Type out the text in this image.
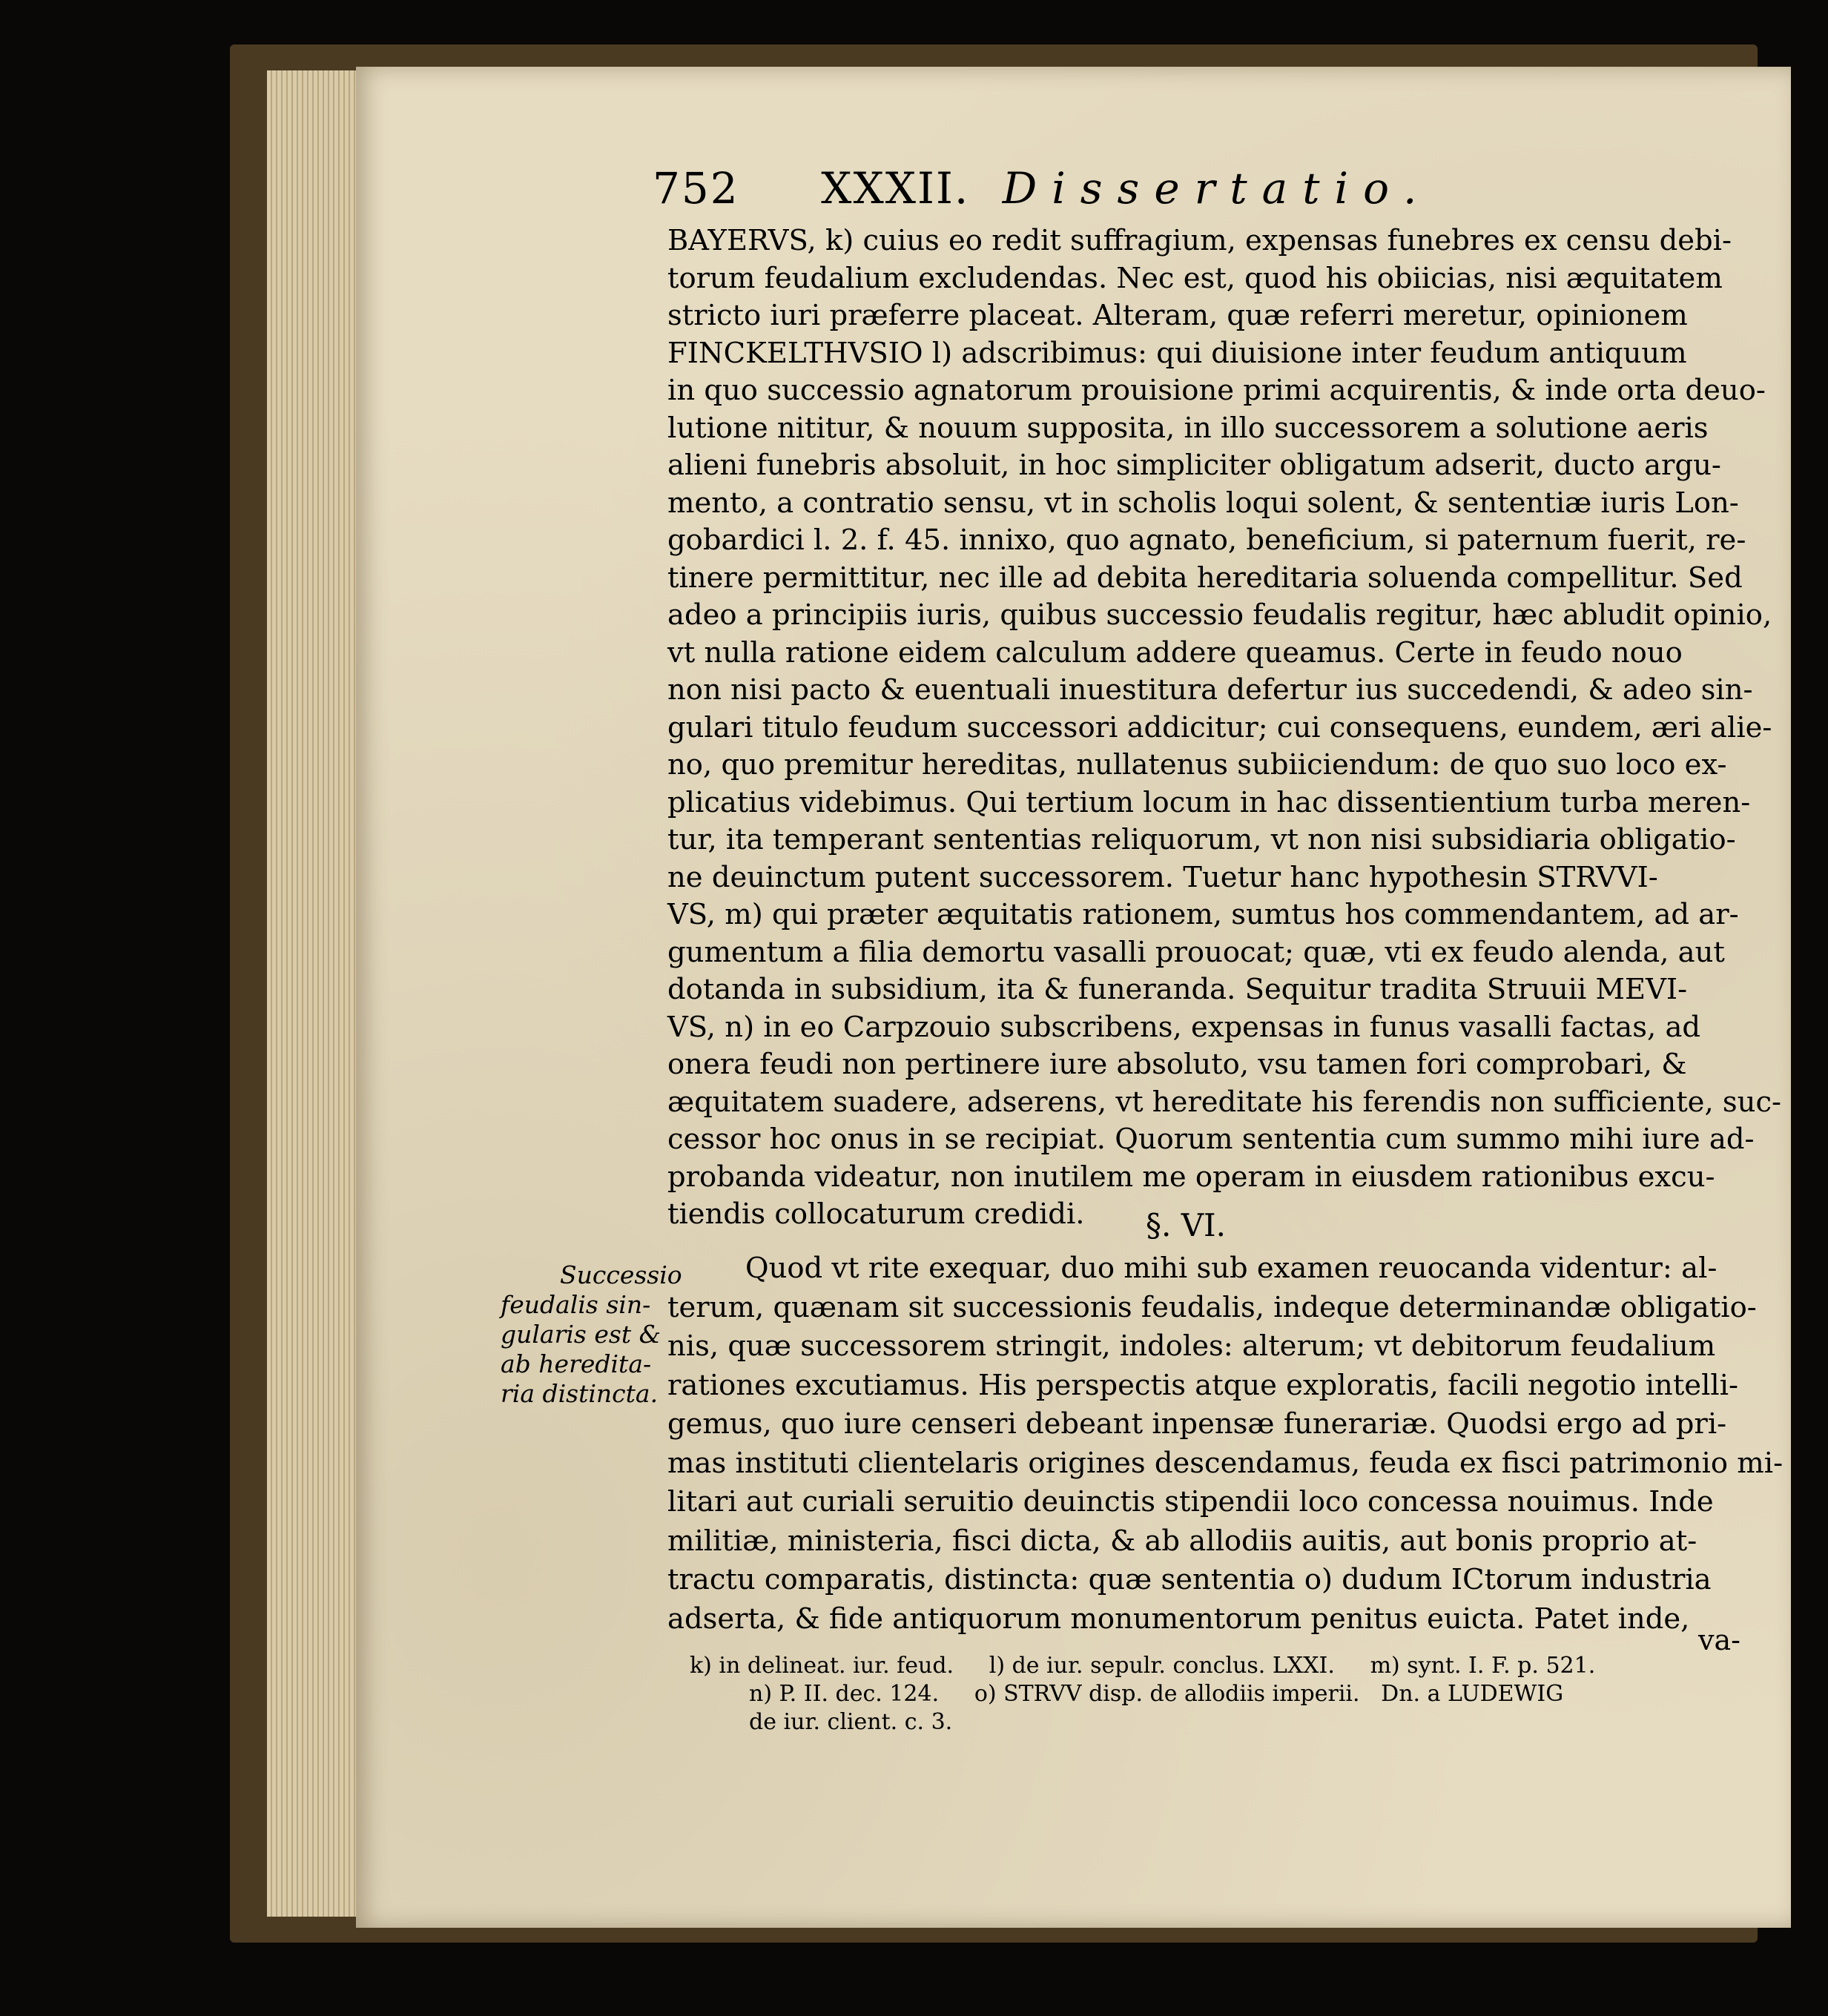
752 XXXII. Dissertatio.
BAYERVS, k) cuius eo redit suffragium, expensas funebres ex censu debi-
torum feudalium excludendas. Nec est, quod his obiicias, nisi æquitatem
stricto iuri præferre placeat. Alteram, quæ referri meretur, opinionem
FINCKELTHVSIO l) adscribimus: qui diuisione inter feudum antiquum
in quo successio agnatorum prouisione primi acquirentis, & inde orta deuo-
lutione nititur, & nouum supposita, in illo successorem a solutione aeris
alieni funebris absoluit, in hoc simpliciter obligatum adserit, ducto argu-
mento, a contratio sensu, vt in scholis loqui solent, & sententiæ iuris Lon-
gobardici l. 2. f. 45. innixo, quo agnato, beneficium, si paternum fuerit, re-
tinere permittitur, nec ille ad debita hereditaria soluenda compellitur. Sed
adeo a principiis iuris, quibus successio feudalis regitur, hæc abludit opinio,
vt nulla ratione eidem calculum addere queamus. Certe in feudo nouo
non nisi pacto & euentuali inuestitura defertur ius succedendi, & adeo sin-
gulari titulo feudum successori addicitur; cui consequens, eundem, æri alie-
no, quo premitur hereditas, nullatenus subiiciendum: de quo suo loco ex-
plicatius videbimus. Qui tertium locum in hac dissentientium turba meren-
tur, ita temperant sententias reliquorum, vt non nisi subsidiaria obligatio-
ne deuinctum putent successorem. Tuetur hanc hypothesin STRVVI-
VS, m) qui præter æquitatis rationem, sumtus hos commendantem, ad ar-
gumentum a filia demortu vasalli prouocat; quæ, vti ex feudo alenda, aut
dotanda in subsidium, ita & funeranda. Sequitur tradita Struuii MEVI-
VS, n) in eo Carpzouio subscribens, expensas in funus vasalli factas, ad
onera feudi non pertinere iure absoluto, vsu tamen fori comprobari, &
æquitatem suadere, adserens, vt hereditate his ferendis non sufficiente, suc-
cessor hoc onus in se recipiat. Quorum sententia cum summo mihi iure ad-
probanda videatur, non inutilem me operam in eiusdem rationibus excu-
tiendis collocaturum credidi.	§. VI.
Successio
feudalis sin-
gularis est &
ab heredita-
ria distincta.
Quod vt rite exequar, duo mihi sub examen reuocanda videntur: al-
terum, quænam sit successionis feudalis, indeque determinandæ obligatio-
nis, quæ successorem stringit, indoles: alterum; vt debitorum feudalium
rationes excutiamus. His perspectis atque exploratis, facili negotio intelli-
gemus, quo iure censeri debeant inpensæ funerariæ. Quodsi ergo ad pri-
mas instituti clientelaris origines descendamus, feuda ex fisci patrimonio mi-
litari aut curiali seruitio deuinctis stipendii loco concessa nouimus. Inde
militiæ, ministeria, fisci dicta, & ab allodiis auitis, aut bonis proprio at-
tractu comparatis, distincta: quæ sententia o) dudum ICtorum industria
adserta, & fide antiquorum monumentorum penitus euicta. Patet inde,
va-
k) in delineat. iur. feud.     l) de iur. sepulr. conclus. LXXI.     m) synt. I. F. p. 521.
n) P. II. dec. 124.     o) STRVV disp. de allodiis imperii.   Dn. a LUDEWIG
de iur. client. c. 3.
